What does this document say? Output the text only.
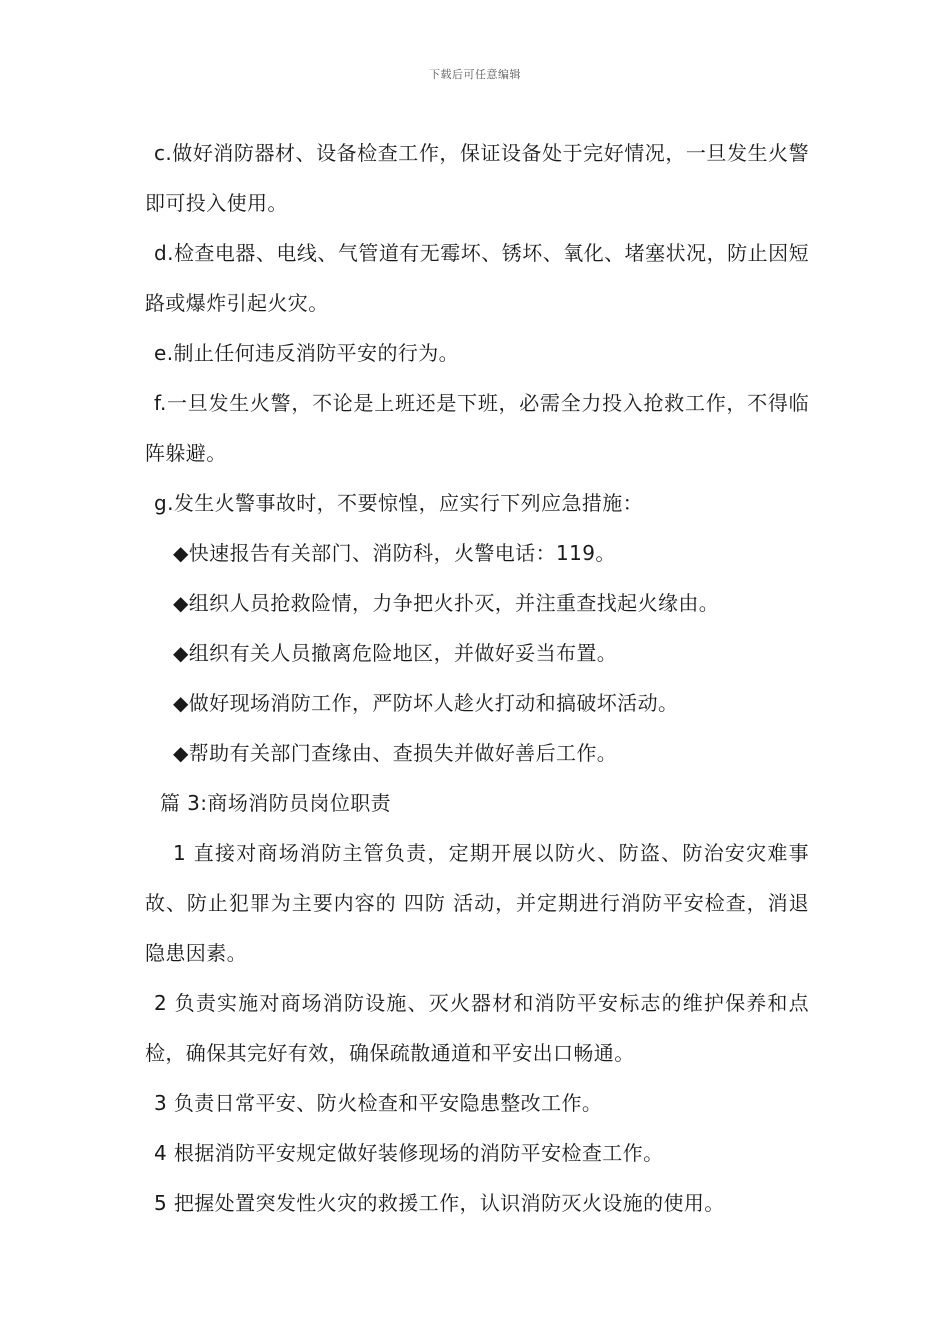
下载后可任意编辑

c.做好消防器材、设备检查工作，保证设备处于完好情况，一旦发生火警即可投入使用。

d.检查电器、电线、气管道有无霉坏、锈坏、氧化、堵塞状况，防止因短路或爆炸引起火灾。

e.制止任何违反消防平安的行为。

f.一旦发生火警，不论是上班还是下班，必需全力投入抢救工作，不得临阵躲避。

g.发生火警事故时，不要惊惶，应实行下列应急措施：

◆快速报告有关部门、消防科，火警电话：119。

◆组织人员抢救险情，力争把火扑灭，并注重查找起火缘由。

◆组织有关人员撤离危险地区，并做好妥当布置。

◆做好现场消防工作，严防坏人趁火打动和搞破坏活动。

◆帮助有关部门查缘由、查损失并做好善后工作。

篇 3:商场消防员岗位职责

1 直接对商场消防主管负责，定期开展以防火、防盗、防治安灾难事故、防止犯罪为主要内容的 四防 活动，并定期进行消防平安检查，消退隐患因素。

2 负责实施对商场消防设施、灭火器材和消防平安标志的维护保养和点检，确保其完好有效，确保疏散通道和平安出口畅通。

3 负责日常平安、防火检查和平安隐患整改工作。

4 根据消防平安规定做好装修现场的消防平安检查工作。

5 把握处置突发性火灾的救援工作，认识消防灭火设施的使用。
